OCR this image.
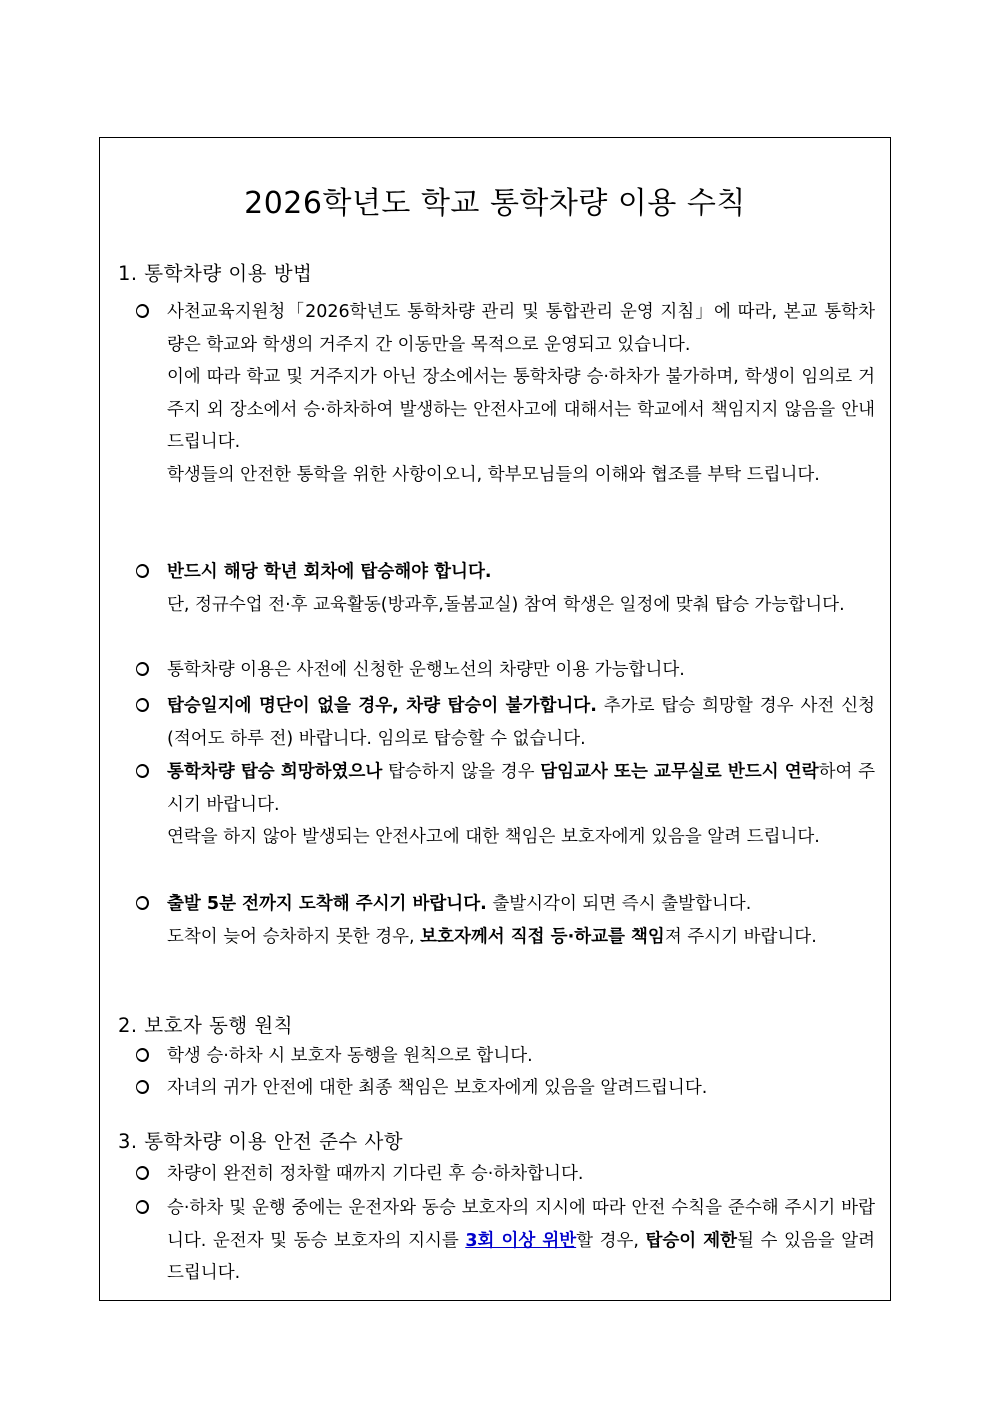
2026학년도 학교 통학차량 이용 수칙
1. 통학차량 이용 방법
사천교육지원청「2026학년도 통학차량 관리 및 통합관리 운영 지침」에 따라, 본교 통학차량은 학교와 학생의 거주지 간 이동만을 목적으로 운영되고 있습니다.
이에 따라 학교 및 거주지가 아닌 장소에서는 통학차량 승·하차가 불가하며, 학생이 임의로 거주지 외 장소에서 승·하차하여 발생하는 안전사고에 대해서는 학교에서 책임지지 않음을 안내드립니다.
학생들의 안전한 통학을 위한 사항이오니, 학부모님들의 이해와 협조를 부탁 드립니다.
반드시 해당 학년 회차에 탑승해야 합니다.
단, 정규수업 전·후 교육활동(방과후,돌봄교실) 참여 학생은 일정에 맞춰 탑승 가능합니다.
통학차량 이용은 사전에 신청한 운행노선의 차량만 이용 가능합니다.
탑승일지에 명단이 없을 경우, 차량 탑승이 불가합니다. 추가로 탑승 희망할 경우 사전 신청(적어도 하루 전) 바랍니다. 임의로 탑승할 수 없습니다.
통학차량 탑승 희망하였으나 탑승하지 않을 경우 담임교사 또는 교무실로 반드시 연락하여 주시기 바랍니다.
연락을 하지 않아 발생되는 안전사고에 대한 책임은 보호자에게 있음을 알려 드립니다.
출발 5분 전까지 도착해 주시기 바랍니다. 출발시각이 되면 즉시 출발합니다.
도착이 늦어 승차하지 못한 경우, 보호자께서 직접 등·하교를 책임져 주시기 바랍니다.
2. 보호자 동행 원칙
학생 승·하차 시 보호자 동행을 원칙으로 합니다.
자녀의 귀가 안전에 대한 최종 책임은 보호자에게 있음을 알려드립니다.
3. 통학차량 이용 안전 준수 사항
차량이 완전히 정차할 때까지 기다린 후 승·하차합니다.
승·하차 및 운행 중에는 운전자와 동승 보호자의 지시에 따라 안전 수칙을 준수해 주시기 바랍니다. 운전자 및 동승 보호자의 지시를 3회 이상 위반할 경우, 탑승이 제한될 수 있음을 알려드립니다.
